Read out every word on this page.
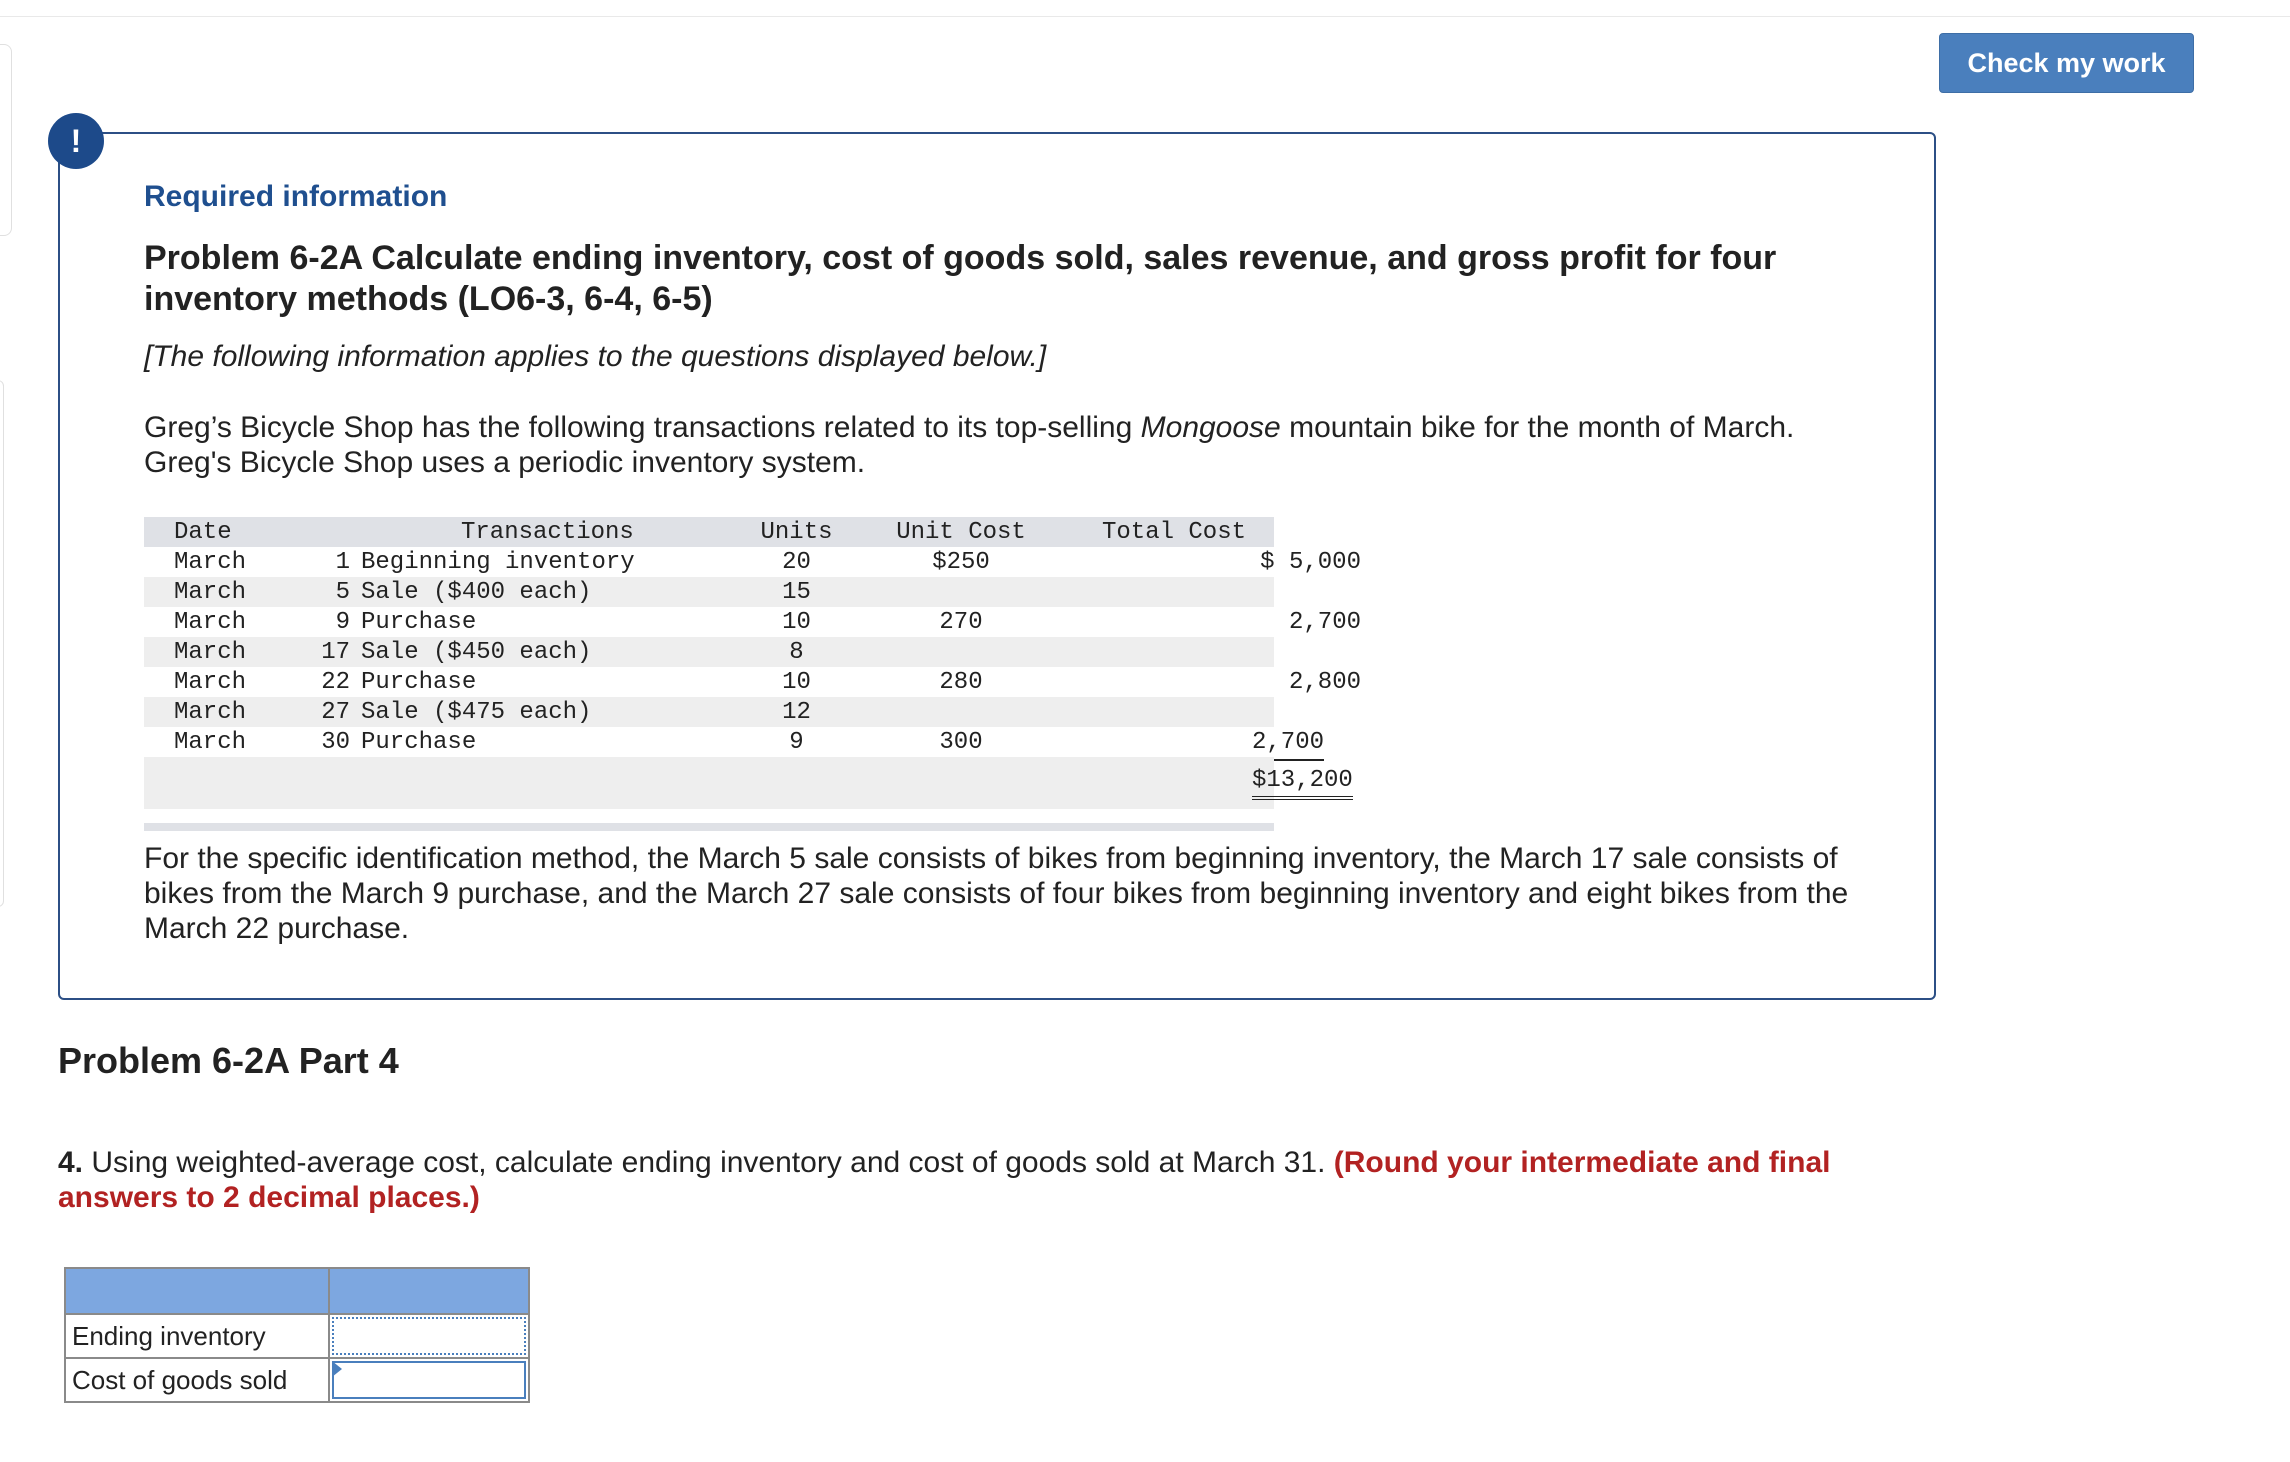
Check my work
!
Required information
Problem 6-2A Calculate ending inventory, cost of goods sold, sales revenue, and gross profit for four inventory methods (LO6-3, 6-4, 6-5)
[The following information applies to the questions displayed below.]
Greg’s Bicycle Shop has the following transactions related to its top-selling Mongoose mountain bike for the month of March. Greg's Bicycle Shop uses a periodic inventory system.
Date	Transactions	Units	Unit Cost	Total Cost
March	1 Beginning inventory	20	$250	$ 5,000
March	5 Sale ($400 each)	15
March	9 Purchase	10	270	2,700
March	17 Sale ($450 each)	8
March	22 Purchase	10	280	2,800
March	27 Sale ($475 each)	12
March	30 Purchase	9	300	2,700
$13,200
For the specific identification method, the March 5 sale consists of bikes from beginning inventory, the March 17 sale consists of bikes from the March 9 purchase, and the March 27 sale consists of four bikes from beginning inventory and eight bikes from the March 22 purchase.
Problem 6-2A Part 4
4. Using weighted-average cost, calculate ending inventory and cost of goods sold at March 31. (Round your intermediate and final answers to 2 decimal places.)

Ending inventory	
Cost of goods sold	
